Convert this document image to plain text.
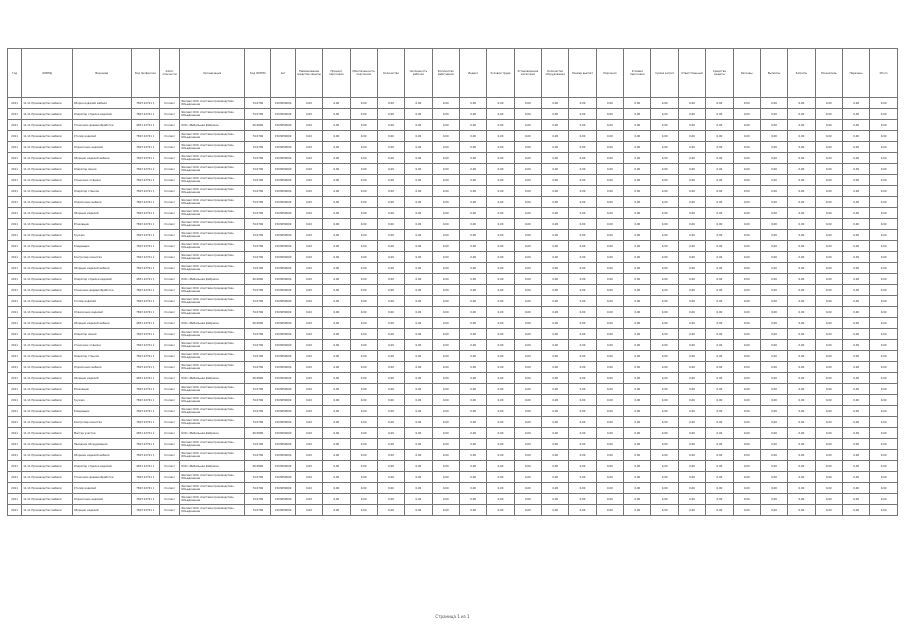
Год	ОКВЭД	Вид вида	Код профессии	Класс опасности	Организация	Код ОКТМО	Акт	Наименование средства защиты	Процент персонала	Обеспеченность персонала	Количество	Численность рабочих	Количество работников	Индекс	Условия труда	Установленная категория	Количество оборудования	Размер выплат	Персонал	Условия персонала	Сумма затрат	Ответственный	Средства защиты	Расходы	Выплаты	Затраты	Показатель	Перечень	Итого
2011	11.11 Производство мебели	Сборка изделий мебели	7823 22721 1	III класс	Филиал ООО «Система производства» Объединение	74 6700	1503650000	0,00	0,00	0,00	0,00	0,00	0,00	0,00	0,00	0,00	0,00	0,00	0,00	0,00	0,00	0,00	0,00	0,00	0,00	0,00	0,00	0,00	0,00
2011	11.11 Производство мебели	Оператор отделки изделий	7823 22721 1	III класс	Филиал ООО «Система производства» Объединение	74 6700	1503650000	0,00	0,00	0,00	0,00	0,00	0,00	0,00	0,00	0,00	0,00	0,00	0,00	0,00	0,00	0,00	0,00	0,00	0,00	0,00	0,00	0,00	0,00
2011	11.11 Производство мебели	Станочник деревообработки	4831 22721 1	III класс	ООО «Мебельная фабрика»	46 6800	1503650000	0,00	0,00	0,00	0,00	0,00	0,00	0,00	0,00	0,00	0,00	0,00	0,00	0,00	0,00	0,00	0,00	0,00	0,00	0,00	0,00	0,00	0,00
2011	11.11 Производство мебели	Столяр изделий	7823 22721 1	III класс	Филиал ООО «Система производства» Объединение	74 6700	1503650000	0,00	0,00	0,00	0,00	0,00	0,00	0,00	0,00	0,00	0,00	0,00	0,00	0,00	0,00	0,00	0,00	0,00	0,00	0,00	0,00	0,00	0,00
2011	11.11 Производство мебели	Отделочник изделий	7823 22721 1	III класс	Филиал ООО «Система производства» Объединение	74 6700	1503650000	0,00	0,00	0,00	0,00	0,00	0,00	0,00	0,00	0,00	0,00	0,00	0,00	0,00	0,00	0,00	0,00	0,00	0,00	0,00	0,00	0,00	0,00
2011	11.11 Производство мебели	Сборщик изделий мебели	7823 22721 1	III класс	Филиал ООО «Система производства» Объединение	74 6700	1503650000	0,00	0,00	0,00	0,00	0,00	0,00	0,00	0,00	0,00	0,00	0,00	0,00	0,00	0,00	0,00	0,00	0,00	0,00	0,00	0,00	0,00	0,00
2011	11.11 Производство мебели	Оператор линии	7823 22721 1	III класс	Филиал ООО «Система производства» Объединение	74 6700	1503650000	0,00	0,00	0,00	0,00	0,00	0,00	0,00	0,00	0,00	0,00	0,00	0,00	0,00	0,00	0,00	0,00	0,00	0,00	0,00	0,00	0,00	0,00
2011	11.11 Производство мебели	Станочник отделки	7823 22721 1	III класс	Филиал ООО «Система производства» Объединение	74 6700	1503650000	0,00	0,00	0,00	0,00	0,00	0,00	0,00	0,00	0,00	0,00	0,00	0,00	0,00	0,00	0,00	0,00	0,00	0,00	0,00	0,00	0,00	0,00
2011	11.11 Производство мебели	Оператор станков	7823 22721 1	III класс	Филиал ООО «Система производства» Объединение	74 6700	1503650000	0,00	0,00	0,00	0,00	0,00	0,00	0,00	0,00	0,00	0,00	0,00	0,00	0,00	0,00	0,00	0,00	0,00	0,00	0,00	0,00	0,00	0,00
2011	11.11 Производство мебели	Отделочник мебели	7823 22721 1	III класс	Филиал ООО «Система производства» Объединение	74 6700	1503650000	0,00	0,00	0,00	0,00	0,00	0,00	0,00	0,00	0,00	0,00	0,00	0,00	0,00	0,00	0,00	0,00	0,00	0,00	0,00	0,00	0,00	0,00
2011	11.11 Производство мебели	Сборщик изделий	7823 22721 1	III класс	Филиал ООО «Система производства» Объединение	74 6700	1503650000	0,00	0,00	0,00	0,00	0,00	0,00	0,00	0,00	0,00	0,00	0,00	0,00	0,00	0,00	0,00	0,00	0,00	0,00	0,00	0,00	0,00	0,00
2011	11.11 Производство мебели	Упаковщик	7823 22721 1	III класс	Филиал ООО «Система производства» Объединение	74 6700	1503650000	0,00	0,00	0,00	0,00	0,00	0,00	0,00	0,00	0,00	0,00	0,00	0,00	0,00	0,00	0,00	0,00	0,00	0,00	0,00	0,00	0,00	0,00
2011	11.11 Производство мебели	Грузчик	7823 22721 1	III класс	Филиал ООО «Система производства» Объединение	74 6700	1503650000	0,00	0,00	0,00	0,00	0,00	0,00	0,00	0,00	0,00	0,00	0,00	0,00	0,00	0,00	0,00	0,00	0,00	0,00	0,00	0,00	0,00	0,00
2011	11.11 Производство мебели	Кладовщик	7823 22721 1	III класс	Филиал ООО «Система производства» Объединение	74 6700	1503650000	0,00	0,00	0,00	0,00	0,00	0,00	0,00	0,00	0,00	0,00	0,00	0,00	0,00	0,00	0,00	0,00	0,00	0,00	0,00	0,00	0,00	0,00
2011	11.11 Производство мебели	Контролер качества	7823 22721 1	III класс	Филиал ООО «Система производства» Объединение	74 6700	1503650000	0,00	0,00	0,00	0,00	0,00	0,00	0,00	0,00	0,00	0,00	0,00	0,00	0,00	0,00	0,00	0,00	0,00	0,00	0,00	0,00	0,00	0,00
2011	11.11 Производство мебели	Сборщик изделий мебели	7823 22721 1	III класс	Филиал ООО «Система производства» Объединение	74 6700	1503650000	0,00	0,00	0,00	0,00	0,00	0,00	0,00	0,00	0,00	0,00	0,00	0,00	0,00	0,00	0,00	0,00	0,00	0,00	0,00	0,00	0,00	0,00
2011	11.11 Производство мебели	Оператор отделки изделий	4831 22721 1	III класс	ООО «Мебельная фабрика»	46 6800	1503650000	0,00	0,00	0,00	0,00	0,00	0,00	0,00	0,00	0,00	0,00	0,00	0,00	0,00	0,00	0,00	0,00	0,00	0,00	0,00	0,00	0,00	0,00
2011	11.11 Производство мебели	Станочник деревообработки	7823 22721 1	III класс	Филиал ООО «Система производства» Объединение	74 6700	1503650000	0,00	0,00	0,00	0,00	0,00	0,00	0,00	0,00	0,00	0,00	0,00	0,00	0,00	0,00	0,00	0,00	0,00	0,00	0,00	0,00	0,00	0,00
2011	11.11 Производство мебели	Столяр изделий	7823 22721 1	III класс	Филиал ООО «Система производства» Объединение	74 6700	1503650000	0,00	0,00	0,00	0,00	0,00	0,00	0,00	0,00	0,00	0,00	0,00	0,00	0,00	0,00	0,00	0,00	0,00	0,00	0,00	0,00	0,00	0,00
2011	11.11 Производство мебели	Отделочник изделий	7823 22721 1	III класс	Филиал ООО «Система производства» Объединение	74 6700	1503650000	0,00	0,00	0,00	0,00	0,00	0,00	0,00	0,00	0,00	0,00	0,00	0,00	0,00	0,00	0,00	0,00	0,00	0,00	0,00	0,00	0,00	0,00
2011	11.11 Производство мебели	Сборщик изделий мебели	4831 22721 1	III класс	ООО «Мебельная фабрика»	46 6800	1503650000	0,00	0,00	0,00	0,00	0,00	0,00	0,00	0,00	0,00	0,00	0,00	0,00	0,00	0,00	0,00	0,00	0,00	0,00	0,00	0,00	0,00	0,00
2011	11.11 Производство мебели	Оператор линии	7823 22721 1	III класс	Филиал ООО «Система производства» Объединение	74 6700	1503650000	0,00	0,00	0,00	0,00	0,00	0,00	0,00	0,00	0,00	0,00	0,00	0,00	0,00	0,00	0,00	0,00	0,00	0,00	0,00	0,00	0,00	0,00
2011	11.11 Производство мебели	Станочник отделки	7823 22721 1	III класс	Филиал ООО «Система производства» Объединение	74 6700	1503650000	0,00	0,00	0,00	0,00	0,00	0,00	0,00	0,00	0,00	0,00	0,00	0,00	0,00	0,00	0,00	0,00	0,00	0,00	0,00	0,00	0,00	0,00
2011	11.11 Производство мебели	Оператор станков	7823 22721 1	III класс	Филиал ООО «Система производства» Объединение	74 6700	1503650000	0,00	0,00	0,00	0,00	0,00	0,00	0,00	0,00	0,00	0,00	0,00	0,00	0,00	0,00	0,00	0,00	0,00	0,00	0,00	0,00	0,00	0,00
2011	11.11 Производство мебели	Отделочник мебели	7823 22721 1	III класс	Филиал ООО «Система производства» Объединение	74 6700	1503650000	0,00	0,00	0,00	0,00	0,00	0,00	0,00	0,00	0,00	0,00	0,00	0,00	0,00	0,00	0,00	0,00	0,00	0,00	0,00	0,00	0,00	0,00
2011	11.11 Производство мебели	Сборщик изделий	4831 22721 1	III класс	ООО «Мебельная фабрика»	46 6800	1503650000	0,00	0,00	0,00	0,00	0,00	0,00	0,00	0,00	0,00	0,00	0,00	0,00	0,00	0,00	0,00	0,00	0,00	0,00	0,00	0,00	0,00	0,00
2011	11.11 Производство мебели	Упаковщик	7823 22721 1	III класс	Филиал ООО «Система производства» Объединение	74 6700	1503650000	0,00	0,00	0,00	0,00	0,00	0,00	0,00	0,00	0,00	0,00	0,00	0,00	0,00	0,00	0,00	0,00	0,00	0,00	0,00	0,00	0,00	0,00
2011	11.11 Производство мебели	Грузчик	7823 22721 1	III класс	Филиал ООО «Система производства» Объединение	74 6700	1503650000	0,00	0,00	0,00	0,00	0,00	0,00	0,00	0,00	0,00	0,00	0,00	0,00	0,00	0,00	0,00	0,00	0,00	0,00	0,00	0,00	0,00	0,00
2011	11.11 Производство мебели	Кладовщик	7823 22721 1	III класс	Филиал ООО «Система производства» Объединение	74 6700	1503650000	0,00	0,00	0,00	0,00	0,00	0,00	0,00	0,00	0,00	0,00	0,00	0,00	0,00	0,00	0,00	0,00	0,00	0,00	0,00	0,00	0,00	0,00
2011	11.11 Производство мебели	Контролер качества	7823 22721 1	III класс	Филиал ООО «Система производства» Объединение	74 6700	1503650000	0,00	0,00	0,00	0,00	0,00	0,00	0,00	0,00	0,00	0,00	0,00	0,00	0,00	0,00	0,00	0,00	0,00	0,00	0,00	0,00	0,00	0,00
2011	11.11 Производство мебели	Мастер участка	4831 22721 1	III класс	ООО «Мебельная фабрика»	46 6800	1503650000	0,00	0,00	0,00	0,00	0,00	0,00	0,00	0,00	0,00	0,00	0,00	0,00	0,00	0,00	0,00	0,00	0,00	0,00	0,00	0,00	0,00	0,00
2011	11.11 Производство мебели	Наладчик оборудования	7823 22721 1	III класс	Филиал ООО «Система производства» Объединение	74 6700	1503650000	0,00	0,00	0,00	0,00	0,00	0,00	0,00	0,00	0,00	0,00	0,00	0,00	0,00	0,00	0,00	0,00	0,00	0,00	0,00	0,00	0,00	0,00
2011	11.11 Производство мебели	Сборщик изделий мебели	7823 22721 1	III класс	Филиал ООО «Система производства» Объединение	74 6700	1503650000	0,00	0,00	0,00	0,00	0,00	0,00	0,00	0,00	0,00	0,00	0,00	0,00	0,00	0,00	0,00	0,00	0,00	0,00	0,00	0,00	0,00	0,00
2011	11.11 Производство мебели	Оператор отделки изделий	4831 22721 1	III класс	ООО «Мебельная фабрика»	46 6800	1503650000	0,00	0,00	0,00	0,00	0,00	0,00	0,00	0,00	0,00	0,00	0,00	0,00	0,00	0,00	0,00	0,00	0,00	0,00	0,00	0,00	0,00	0,00
2011	11.11 Производство мебели	Станочник деревообработки	7823 22721 1	III класс	Филиал ООО «Система производства» Объединение	74 6700	1503650000	0,00	0,00	0,00	0,00	0,00	0,00	0,00	0,00	0,00	0,00	0,00	0,00	0,00	0,00	0,00	0,00	0,00	0,00	0,00	0,00	0,00	0,00
2011	11.11 Производство мебели	Столяр изделий	7823 22721 1	III класс	Филиал ООО «Система производства» Объединение	74 6700	1503650000	0,00	0,00	0,00	0,00	0,00	0,00	0,00	0,00	0,00	0,00	0,00	0,00	0,00	0,00	0,00	0,00	0,00	0,00	0,00	0,00	0,00	0,00
2011	11.11 Производство мебели	Отделочник изделий	7823 22721 1	III класс	Филиал ООО «Система производства» Объединение	74 6700	1503650000	0,00	0,00	0,00	0,00	0,00	0,00	0,00	0,00	0,00	0,00	0,00	0,00	0,00	0,00	0,00	0,00	0,00	0,00	0,00	0,00	0,00	0,00
2011	11.11 Производство мебели	Сборщик изделий	7823 22721 1	III класс	Филиал ООО «Система производства» Объединение	74 6700	1503650000	0,00	0,00	0,00	0,00	0,00	0,00	0,00	0,00	0,00	0,00	0,00	0,00	0,00	0,00	0,00	0,00	0,00	0,00	0,00	0,00	0,00	0,00
Страница 1 из 1
